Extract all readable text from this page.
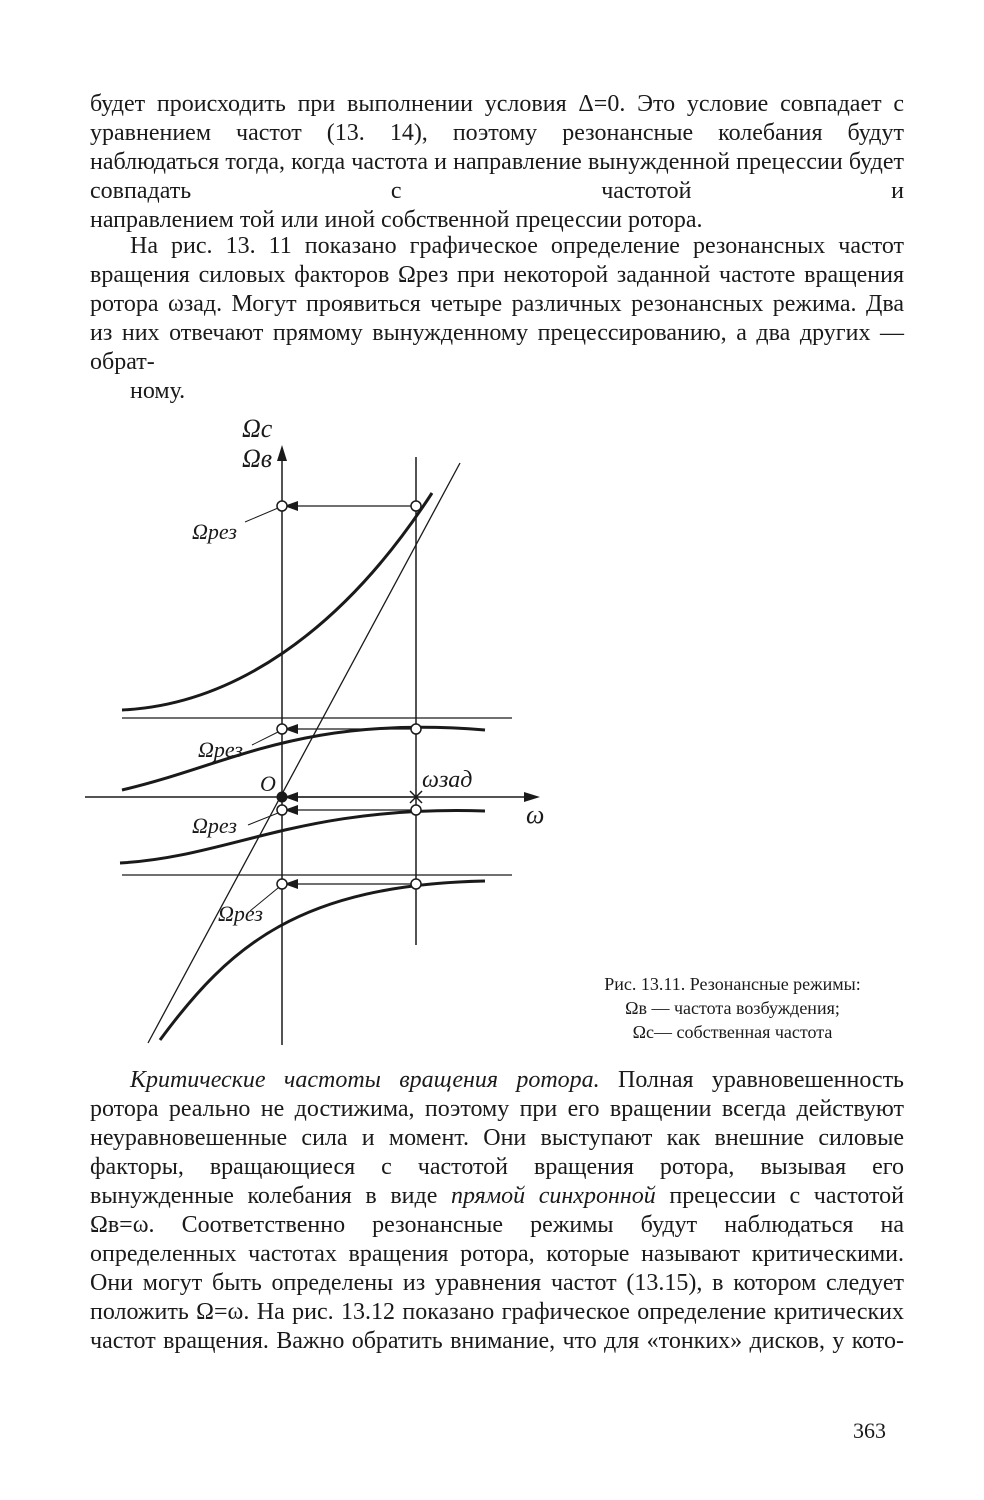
будет происходить при выполнении условия Δ=0. Это условие совпадает с уравнением частот (13. 14), поэтому резонансные колебания будут наблюдаться тогда, когда частота и направление вынужденной прецессии будет совпадать с частотой и
направлением той или иной собственной прецессии ротора.

На рис. 13. 11 показано графическое определение резонансных частот вращения силовых факторов Ωрез при некоторой заданной частоте вращения ротора ωзад. Могут проявиться четыре различных резонансных режима. Два из них отвечают прямому вынужденному прецессированию, а два других — обрат-
ному.

Ωc
Ωв
Ωрез
Ωрез
O	ωзад
ω
Ωрез
Ωрез
Рис. 13.11. Резонансные режимы:
Ωв — частота возбуждения;
Ωс— собственная частота

Критические частоты вращения ротора. Полная уравновешенность ротора реально не достижима, поэтому при его вращении всегда действуют неуравновешенные сила и момент. Они выступают как внешние силовые факторы, вращающиеся с частотой вращения ротора, вызывая его вынужденные колебания в виде прямой синхронной прецессии с частотой Ωв=ω. Соответственно резонансные режимы будут наблюдаться на определенных частотах вращения ротора, которые называют критическими. Они могут быть определены из уравнения частот (13.15), в котором следует положить Ω=ω. На рис. 13.12 показано графическое определение критических частот вращения. Важно обратить внимание, что для «тонких» дисков, у кото-

363
